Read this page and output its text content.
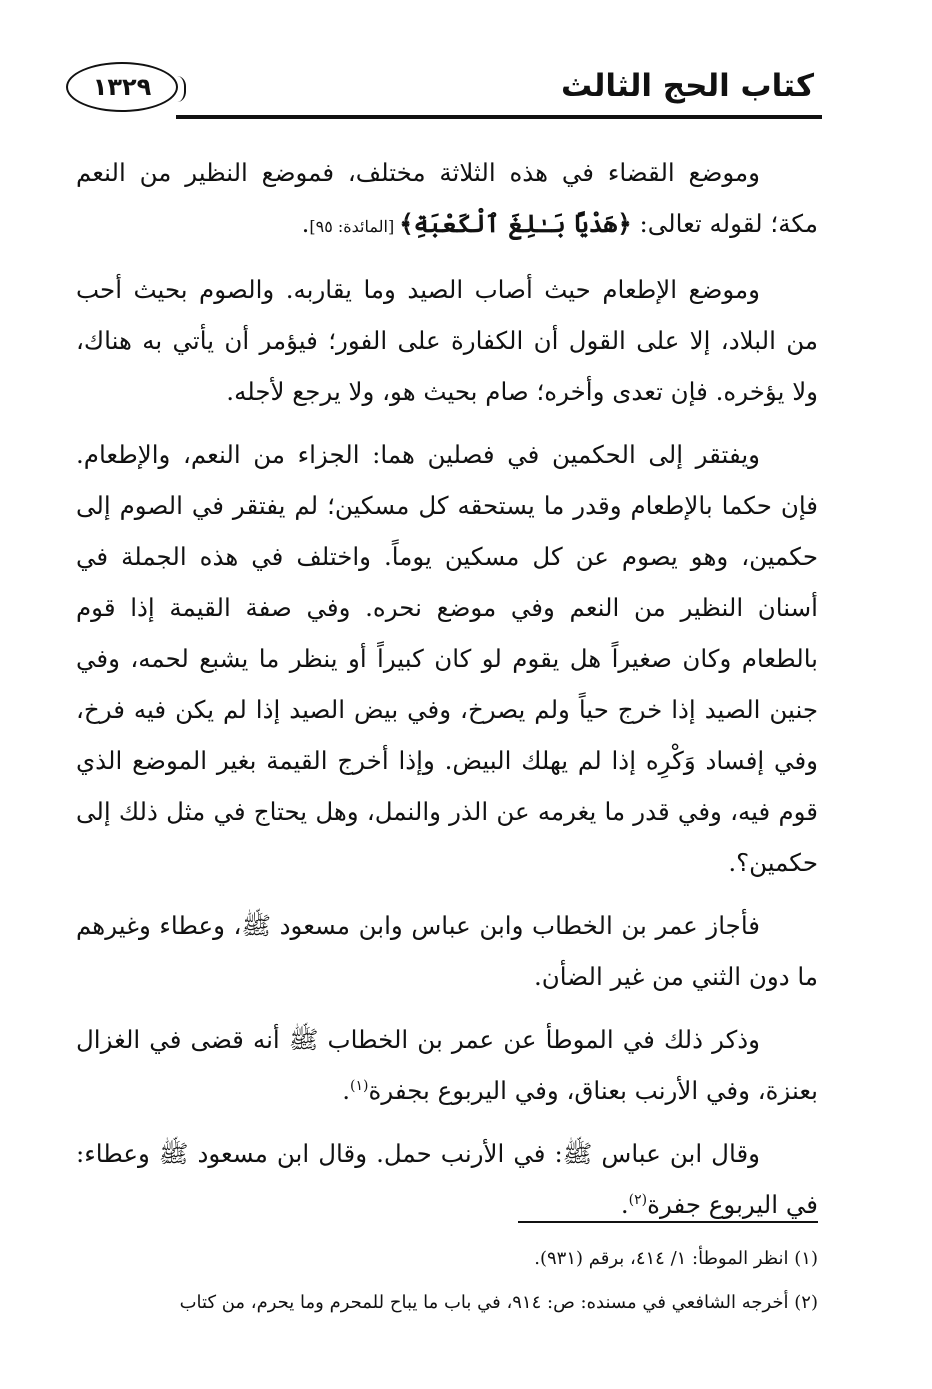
١٣٢٩	كتاب الحج الثالث

وموضع القضاء في هذه الثلاثة مختلف، فموضع النظير من النعم مكة؛ لقوله تعالى: ﴿هَدْيًا بَـٰلِغَ ٱلْكَعْبَةِ﴾ [المائدة: ٩٥].

وموضع الإطعام حيث أصاب الصيد وما يقاربه. والصوم بحيث أحب من البلاد، إلا على القول أن الكفارة على الفور؛ فيؤمر أن يأتي به هناك، ولا يؤخره. فإن تعدى وأخره؛ صام بحيث هو، ولا يرجع لأجله.

ويفتقر إلى الحكمين في فصلين هما: الجزاء من النعم، والإطعام. فإن حكما بالإطعام وقدر ما يستحقه كل مسكين؛ لم يفتقر في الصوم إلى حكمين، وهو يصوم عن كل مسكين يوماً. واختلف في هذه الجملة في أسنان النظير من النعم وفي موضع نحره. وفي صفة القيمة إذا قوم بالطعام وكان صغيراً هل يقوم لو كان كبيراً أو ينظر ما يشبع لحمه، وفي جنين الصيد إذا خرج حياً ولم يصرخ، وفي بيض الصيد إذا لم يكن فيه فرخ، وفي إفساد وَكْرِه إذا لم يهلك البيض. وإذا أخرج القيمة بغير الموضع الذي قوم فيه، وفي قدر ما يغرمه عن الذر والنمل، وهل يحتاج في مثل ذلك إلى حكمين؟.

فأجاز عمر بن الخطاب وابن عباس وابن مسعود ﷺ، وعطاء وغيرهم ما دون الثني من غير الضأن.

وذكر ذلك في الموطأ عن عمر بن الخطاب ﷺ أنه قضى في الغزال بعنزة، وفي الأرنب بعناق، وفي اليربوع بجفرة$^{(١)}$.

وقال ابن عباس ﷺ: في الأرنب حمل. وقال ابن مسعود ﷺ وعطاء: في اليربوع جفرة$^{(٢)}$.

(١) انظر الموطأ: ١/ ٤١٤، برقم (٩٣١).

(٢) أخرجه الشافعي في مسنده: ص: ٩١٤، في باب ما يباح للمحرم وما يحرم، من كتاب
